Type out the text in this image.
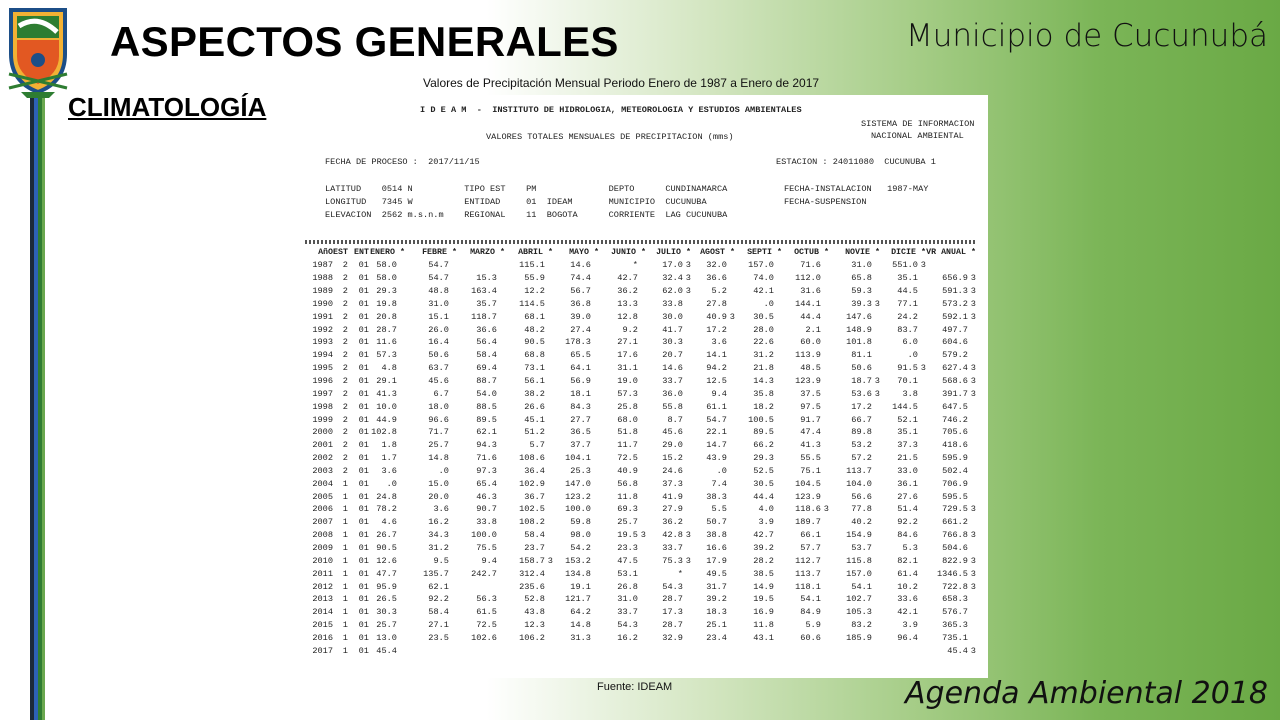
ASPECTOS GENERALES	Municipio de Cucunubá
CLIMATOLOGÍA
Valores de Precipitación Mensual Periodo Enero de 1987 a Enero de 2017
I D E A M  -  INSTITUTO DE HIDROLOGIA, METEOROLOGIA Y ESTUDIOS AMBIENTALES
SISTEMA DE INFORMACION
NACIONAL AMBIENTAL
VALORES TOTALES MENSUALES DE PRECIPITACION (mms)
FECHA DE PROCESO :  2017/11/15	ESTACION : 24011080  CUCUNUBA 1
LATITUD    0514 N          TIPO EST    PM              DEPTO      CUNDINAMARCA           FECHA-INSTALACION   1987-MAY
LONGITUD   7345 W          ENTIDAD     01  IDEAM       MUNICIPIO  CUCUNUBA               FECHA-SUSPENSION
ELEVACION  2562 m.s.n.m    REGIONAL    11  BOGOTA      CORRIENTE  LAG CUCUNUBA
AñO	EST	ENT	ENERO *		FEBRE *		MARZO *		ABRIL *		MAYO *		JUNIO *		JULIO *		AGOST *		SEPTI *		OCTUB *		NOVIE *		DICIE *		VR ANUAL *	
1987	2	01	58.0		54.7				115.1		14.6		*		17.0	3	32.0		157.0		71.6		31.0		551.0	3		
1988	2	01	58.0		54.7		15.3		55.9		74.4		42.7		32.4	3	36.6		74.0		112.0		65.8		35.1		656.9	3
1989	2	01	29.3		48.8		163.4		12.2		56.7		36.2		62.0	3	5.2		42.1		31.6		59.3		44.5		591.3	3
1990	2	01	19.8		31.0		35.7		114.5		36.8		13.3		33.8		27.8		.0		144.1		39.3	3	77.1		573.2	3
1991	2	01	20.8		15.1		118.7		68.1		39.0		12.8		30.0		40.9	3	30.5		44.4		147.6		24.2		592.1	3
1992	2	01	28.7		26.0		36.6		48.2		27.4		9.2		41.7		17.2		28.0		2.1		148.9		83.7		497.7	
1993	2	01	11.6		16.4		56.4		90.5		178.3		27.1		30.3		3.6		22.6		60.0		101.8		6.0		604.6	
1994	2	01	57.3		50.6		58.4		68.8		65.5		17.6		20.7		14.1		31.2		113.9		81.1		.0		579.2	
1995	2	01	4.8		63.7		69.4		73.1		64.1		31.1		14.6		94.2		21.8		48.5		50.6		91.5	3	627.4	3
1996	2	01	29.1		45.6		88.7		56.1		56.9		19.0		33.7		12.5		14.3		123.9		18.7	3	70.1		568.6	3
1997	2	01	41.3		6.7		54.0		38.2		18.1		57.3		36.0		9.4		35.8		37.5		53.6	3	3.8		391.7	3
1998	2	01	10.0		18.0		88.5		26.6		84.3		25.8		55.8		61.1		18.2		97.5		17.2		144.5		647.5	
1999	2	01	44.9		96.6		89.5		45.1		27.7		68.0		8.7		54.7		100.5		91.7		66.7		52.1		746.2	
2000	2	01	102.8		71.7		62.1		51.2		36.5		51.8		45.6		22.1		89.5		47.4		89.8		35.1		705.6	
2001	2	01	1.8		25.7		94.3		5.7		37.7		11.7		29.0		14.7		66.2		41.3		53.2		37.3		418.6	
2002	2	01	1.7		14.8		71.6		108.6		104.1		72.5		15.2		43.9		29.3		55.5		57.2		21.5		595.9	
2003	2	01	3.6		.0		97.3		36.4		25.3		40.9		24.6		.0		52.5		75.1		113.7		33.0		502.4	
2004	1	01	.0		15.0		65.4		102.9		147.0		56.8		37.3		7.4		30.5		104.5		104.0		36.1		706.9	
2005	1	01	24.8		20.0		46.3		36.7		123.2		11.8		41.9		38.3		44.4		123.9		56.6		27.6		595.5	
2006	1	01	78.2		3.6		90.7		102.5		100.0		69.3		27.9		5.5		4.0		118.6	3	77.8		51.4		729.5	3
2007	1	01	4.6		16.2		33.8		108.2		59.8		25.7		36.2		50.7		3.9		189.7		40.2		92.2		661.2	
2008	1	01	26.7		34.3		100.0		58.4		98.0		19.5	3	42.8	3	38.8		42.7		66.1		154.9		84.6		766.8	3
2009	1	01	90.5		31.2		75.5		23.7		54.2		23.3		33.7		16.6		39.2		57.7		53.7		5.3		504.6	
2010	1	01	12.6		9.5		9.4		158.7	3	153.2		47.5		75.3	3	17.9		28.2		112.7		115.8		82.1		822.9	3
2011	1	01	47.7		135.7		242.7		312.4		134.8		53.1		*		49.5		38.5		113.7		157.0		61.4		1346.5	3
2012	1	01	95.9		62.1				235.6		19.1		26.8		54.3		31.7		14.9		118.1		54.1		10.2		722.8	3
2013	1	01	26.5		92.2		56.3		52.8		121.7		31.0		28.7		39.2		19.5		54.1		102.7		33.6		658.3	
2014	1	01	30.3		58.4		61.5		43.8		64.2		33.7		17.3		18.3		16.9		84.9		105.3		42.1		576.7	
2015	1	01	25.7		27.1		72.5		12.3		14.8		54.3		28.7		25.1		11.8		5.9		83.2		3.9		365.3	
2016	1	01	13.0		23.5		102.6		106.2		31.3		16.2		32.9		23.4		43.1		60.6		185.9		96.4		735.1	
2017	1	01	45.4																								45.4	3
Fuente: IDEAM	Agenda Ambiental 2018
